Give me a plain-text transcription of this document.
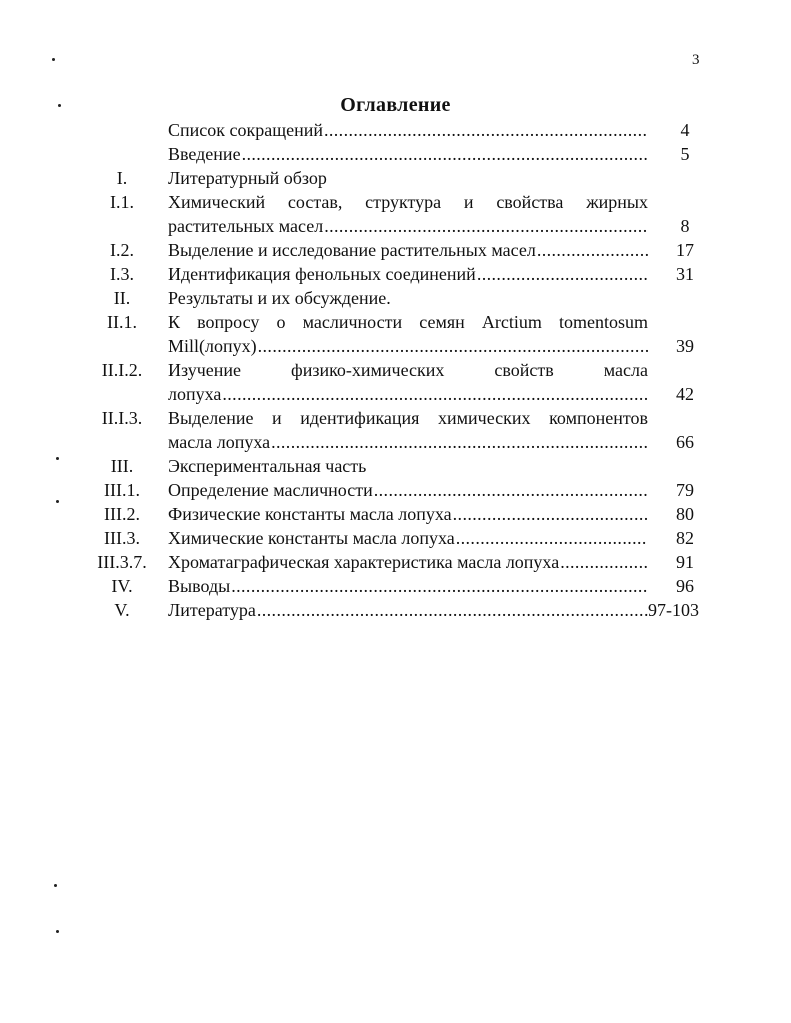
3
Оглавление
Список сокращений .....	4
Введение .....	5
I.	Литературный обзор
I.1.	Химический состав, структура и свойства жирных
растительных масел .....	8
I.2.	Выделение и исследование растительных масел .....	17
I.3.	Идентификация фенольных соединений .....	31
II.	Результаты и их обсуждение.
II.1.	К вопросу о масличности семян Arctium tomentosum
Mill(лопух) .....	39
II.I.2.	Изучение физико-химических свойств масла
лопуха .....	42
II.I.3.	Выделение и идентификация химических компонентов
масла лопуха .....	66
III.	Экспериментальная часть
III.1.	Определение масличности .....	79
III.2.	Физические константы масла лопуха .....	80
III.3.	Химические константы масла лопуха .....	82
III.3.7.	Хроматаграфическая характеристика масла лопуха .....	91
IV.	Выводы .....	96
V.	Литература .....	97-103
